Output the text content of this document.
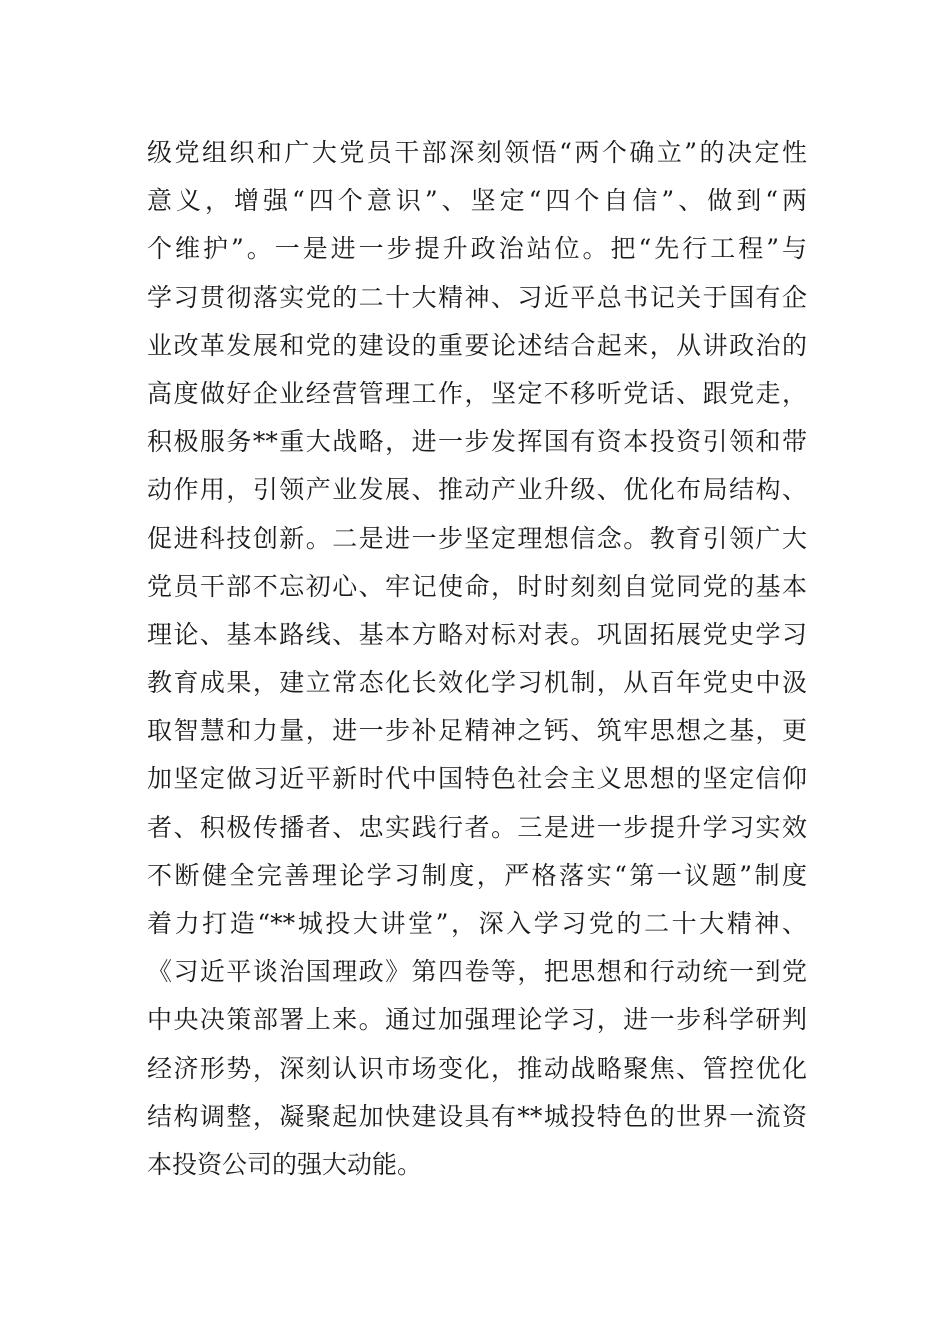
级党组织和广大党员干部深刻领悟“两个确立”的决定性
意义，增强“四个意识”、坚定“四个自信”、做到“两
个维护”。一是进一步提升政治站位。把“先行工程”与
学习贯彻落实党的二十大精神、习近平总书记关于国有企
业改革发展和党的建设的重要论述结合起来，从讲政治的
高度做好企业经营管理工作，坚定不移听党话、跟党走，
积极服务**重大战略，进一步发挥国有资本投资引领和带
动作用，引领产业发展、推动产业升级、优化布局结构、
促进科技创新。二是进一步坚定理想信念。教育引领广大
党员干部不忘初心、牢记使命，时时刻刻自觉同党的基本
理论、基本路线、基本方略对标对表。巩固拓展党史学习
教育成果，建立常态化长效化学习机制，从百年党史中汲
取智慧和力量，进一步补足精神之钙、筑牢思想之基，更
加坚定做习近平新时代中国特色社会主义思想的坚定信仰
者、积极传播者、忠实践行者。三是进一步提升学习实效
不断健全完善理论学习制度，严格落实“第一议题”制度
着力打造“**城投大讲堂”，深入学习党的二十大精神、
《习近平谈治国理政》第四卷等，把思想和行动统一到党
中央决策部署上来。通过加强理论学习，进一步科学研判
经济形势，深刻认识市场变化，推动战略聚焦、管控优化
结构调整，凝聚起加快建设具有**城投特色的世界一流资
本投资公司的强大动能。
